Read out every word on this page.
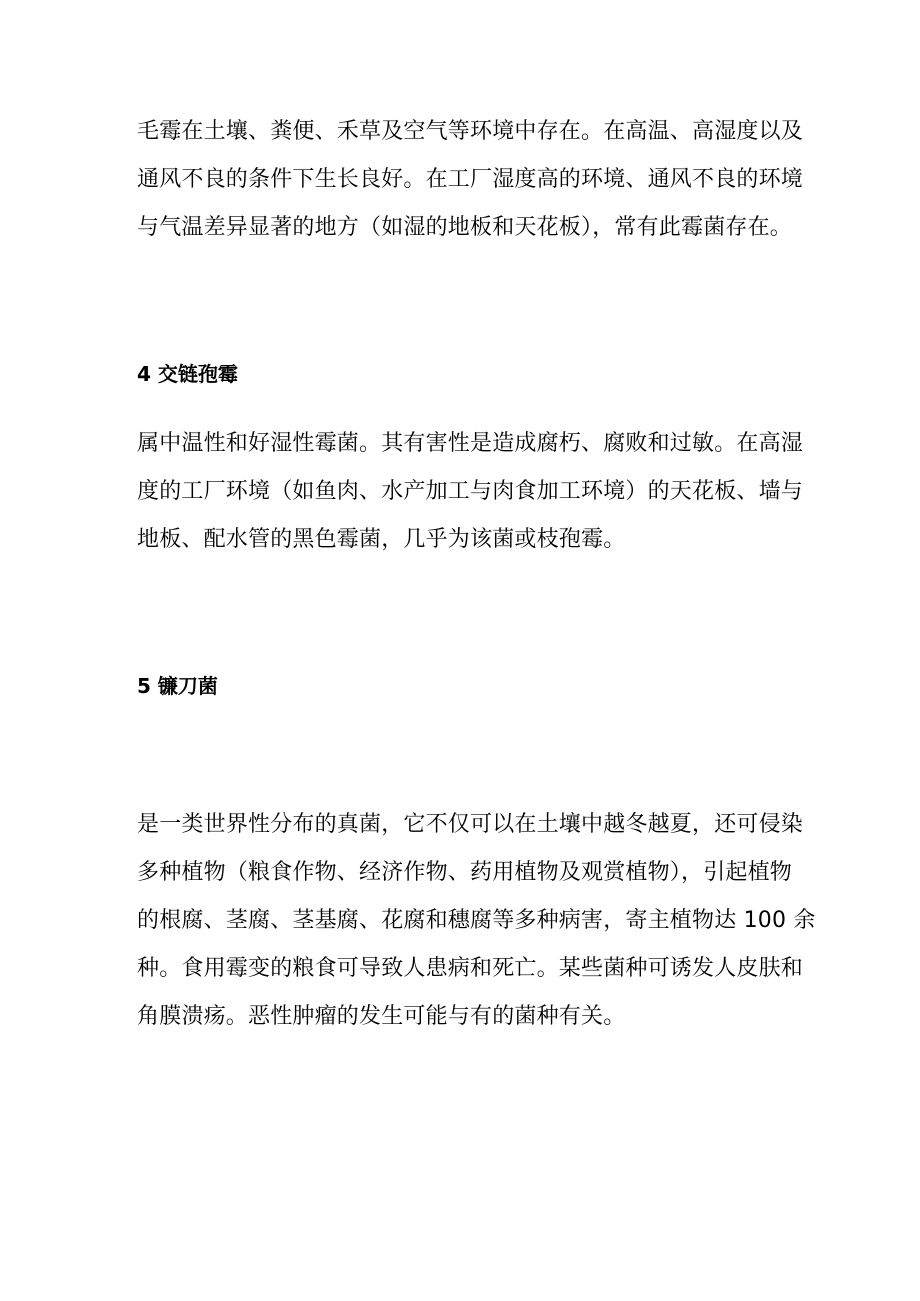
毛霉在土壤、粪便、禾草及空气等环境中存在。在高温、高湿度以及
通风不良的条件下生长良好。在工厂湿度高的环境、通风不良的环境
与气温差异显著的地方（如湿的地板和天花板），常有此霉菌存在。

4 交链孢霉

属中温性和好湿性霉菌。其有害性是造成腐朽、腐败和过敏。在高湿
度的工厂环境（如鱼肉、水产加工与肉食加工环境）的天花板、墙与
地板、配水管的黑色霉菌，几乎为该菌或枝孢霉。

5 镰刀菌

是一类世界性分布的真菌，它不仅可以在土壤中越冬越夏，还可侵染
多种植物（粮食作物、经济作物、药用植物及观赏植物），引起植物
的根腐、茎腐、茎基腐、花腐和穗腐等多种病害，寄主植物达 100 余
种。食用霉变的粮食可导致人患病和死亡。某些菌种可诱发人皮肤和
角膜溃疡。恶性肿瘤的发生可能与有的菌种有关。
